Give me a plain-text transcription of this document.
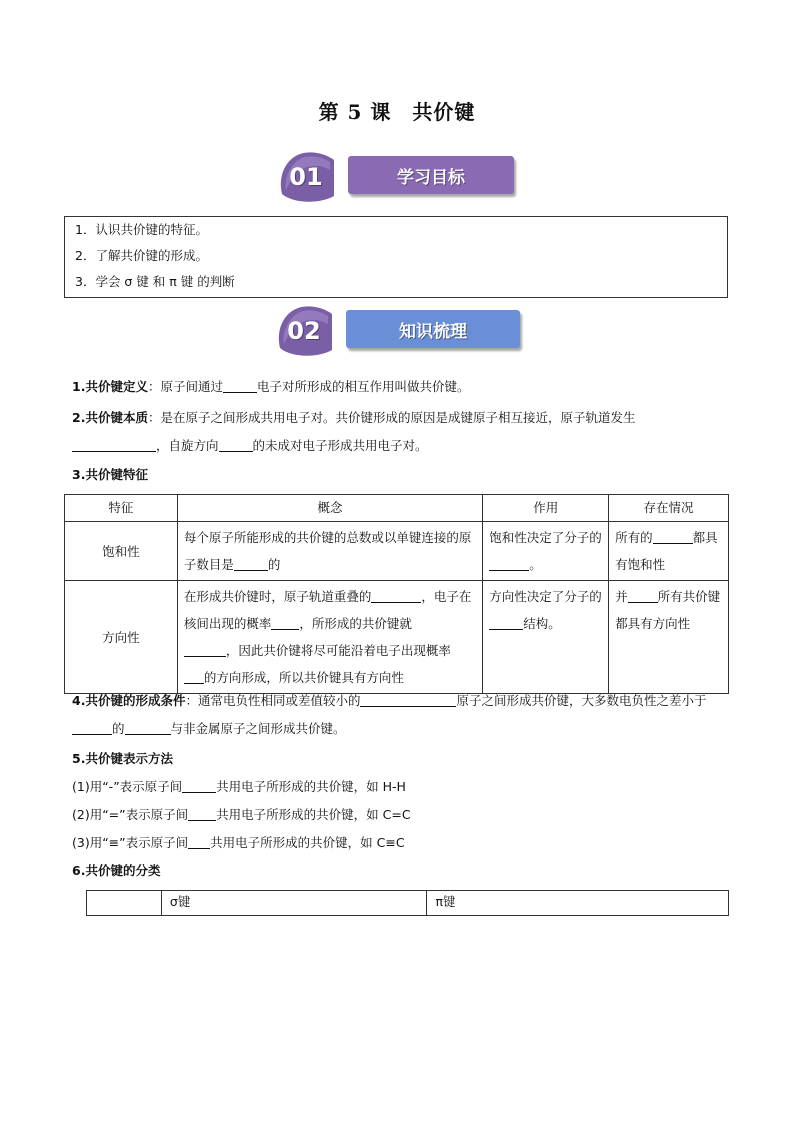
第 5 课　共价键
01	学习目标
1．认识共价键的特征。
2．了解共价键的形成。
3．学会 σ 键 和 π 键 的判断
02	知识梳理
1.共价键定义：原子间通过	电子对所形成的相互作用叫做共价键。
2.共价键本质：是在原子之间形成共用电子对。共价键形成的原因是成键原子相互接近，原子轨道发生
，自旋方向	的未成对电子形成共用电子对。
3.共价键特征
特征	概念	作用	存在情况
饱和性	每个原子所能形成的共价键的总数或以单键连接的原子数目是 的	饱和性决定了分子的。	所有的 都具有饱和性
方向性	在形成共价键时，原子轨道重叠的 ，电子在核间出现的概率 ，所形成的共价键就
，因此共价键将尽可能沿着电子出现概率
的方向形成，所以共价键具有方向性	方向性决定了分子的结构。	并 所有共价键都具有方向性
4.共价键的形成条件：通常电负性相同或差值较小的	原子之间形成共价键，大多数电负性之差小于的	与非金属原子之间形成共价键。
5.共价键表示方法
(1)用“-”表示原子间	共用电子所形成的共价键，如 H-H
(2)用“=”表示原子间 共用电子所形成的共价键，如 C=C
(3)用“≡”表示原子间 共用电子所形成的共价键，如 C≡C
6.共价键的分类
	σ键	π键
